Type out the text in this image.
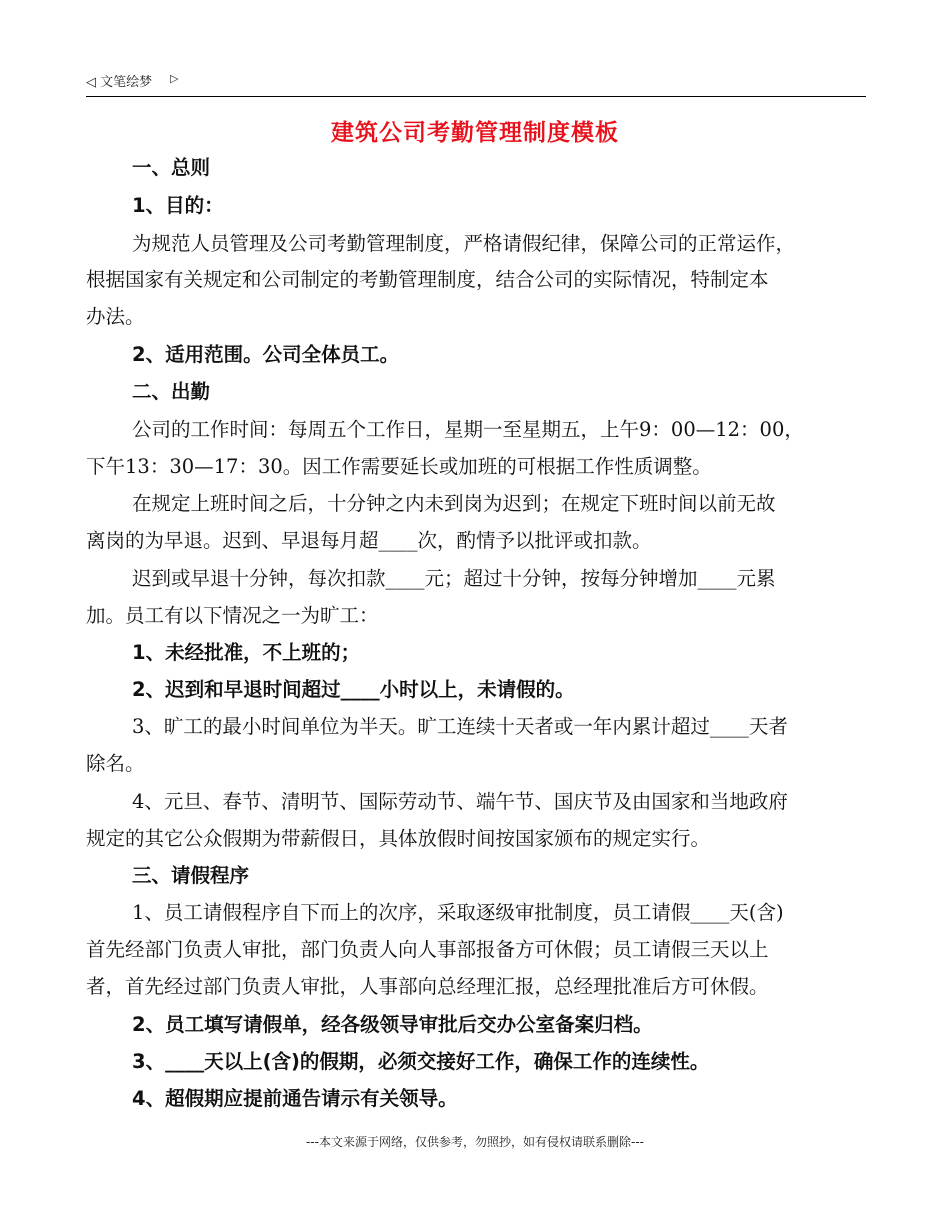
◁ 文笔绘梦 ▷
建筑公司考勤管理制度模板
一、总则
1、目的：
为规范人员管理及公司考勤管理制度，严格请假纪律，保障公司的正常运作，
根据国家有关规定和公司制定的考勤管理制度，结合公司的实际情况，特制定本
办法。
2、适用范围。公司全体员工。
二、出勤
公司的工作时间：每周五个工作日，星期一至星期五，上午9：00—12：00，
下午13：30—17：30。因工作需要延长或加班的可根据工作性质调整。
在规定上班时间之后，十分钟之内未到岗为迟到；在规定下班时间以前无故
离岗的为早退。迟到、早退每月超____次，酌情予以批评或扣款。
迟到或早退十分钟，每次扣款____元；超过十分钟，按每分钟增加____元累
加。员工有以下情况之一为旷工：
1、未经批准，不上班的；
2、迟到和早退时间超过____小时以上，未请假的。
3、旷工的最小时间单位为半天。旷工连续十天者或一年内累计超过____天者
除名。
4、元旦、春节、清明节、国际劳动节、端午节、国庆节及由国家和当地政府
规定的其它公众假期为带薪假日，具体放假时间按国家颁布的规定实行。
三、请假程序
1、员工请假程序自下而上的次序，采取逐级审批制度，员工请假____天(含)
首先经部门负责人审批，部门负责人向人事部报备方可休假；员工请假三天以上
者，首先经过部门负责人审批，人事部向总经理汇报，总经理批准后方可休假。
2、员工填写请假单，经各级领导审批后交办公室备案归档。
3、____天以上(含)的假期，必须交接好工作，确保工作的连续性。
4、超假期应提前通告请示有关领导。
---本文来源于网络，仅供参考，勿照抄，如有侵权请联系删除---
